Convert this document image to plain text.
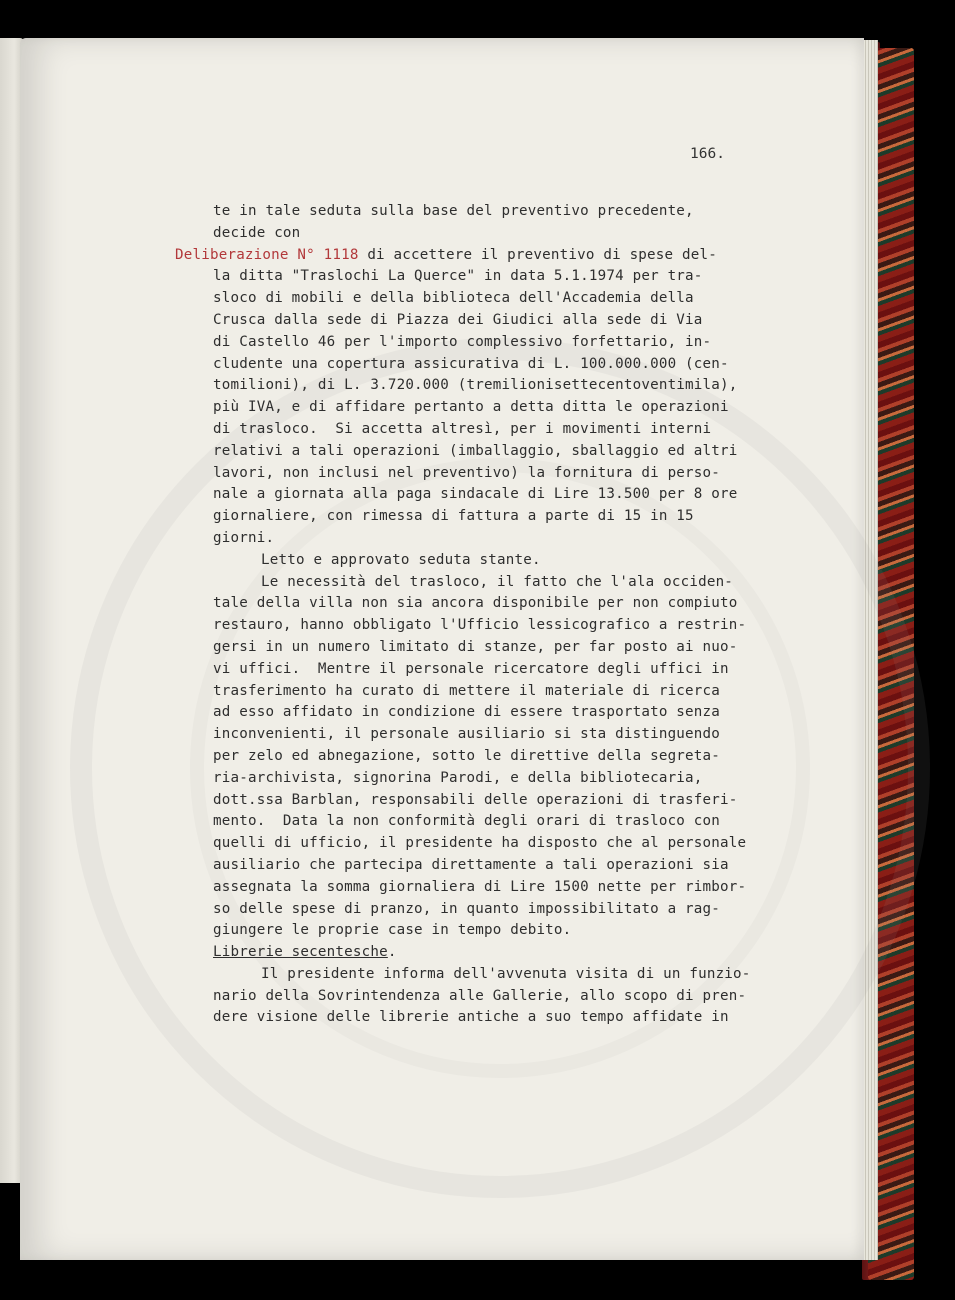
166.
te in tale seduta sulla base del preventivo precedente,
decide con
Deliberazione N° 1118 di accettere il preventivo di spese del-
la ditta "Traslochi La Querce" in data 5.1.1974 per tra-
sloco di mobili e della biblioteca dell'Accademia della
Crusca dalla sede di Piazza dei Giudici alla sede di Via
di Castello 46 per l'importo complessivo forfettario, in-
cludente una copertura assicurativa di L. 100.000.000 (cen-
tomilioni), di L. 3.720.000 (tremilionisettecentoventimila),
più IVA, e di affidare pertanto a detta ditta le operazioni
di trasloco.  Si accetta altresì, per i movimenti interni
relativi a tali operazioni (imballaggio, sballaggio ed altri
lavori, non inclusi nel preventivo) la fornitura di perso-
nale a giornata alla paga sindacale di Lire 13.500 per 8 ore
giornaliere, con rimessa di fattura a parte di 15 in 15
giorni.
Letto e approvato seduta stante.
Le necessità del trasloco, il fatto che l'ala occiden-
tale della villa non sia ancora disponibile per non compiuto
restauro, hanno obbligato l'Ufficio lessicografico a restrin-
gersi in un numero limitato di stanze, per far posto ai nuo-
vi uffici.  Mentre il personale ricercatore degli uffici in
trasferimento ha curato di mettere il materiale di ricerca
ad esso affidato in condizione di essere trasportato senza
inconvenienti, il personale ausiliario si sta distinguendo
per zelo ed abnegazione, sotto le direttive della segreta-
ria-archivista, signorina Parodi, e della bibliotecaria,
dott.ssa Barblan, responsabili delle operazioni di trasferi-
mento.  Data la non conformità degli orari di trasloco con
quelli di ufficio, il presidente ha disposto che al personale
ausiliario che partecipa direttamente a tali operazioni sia
assegnata la somma giornaliera di Lire 1500 nette per rimbor-
so delle spese di pranzo, in quanto impossibilitato a rag-
giungere le proprie case in tempo debito.
Librerie secentesche.
Il presidente informa dell'avvenuta visita di un funzio-
nario della Sovrintendenza alle Gallerie, allo scopo di pren-
dere visione delle librerie antiche a suo tempo affidate in
